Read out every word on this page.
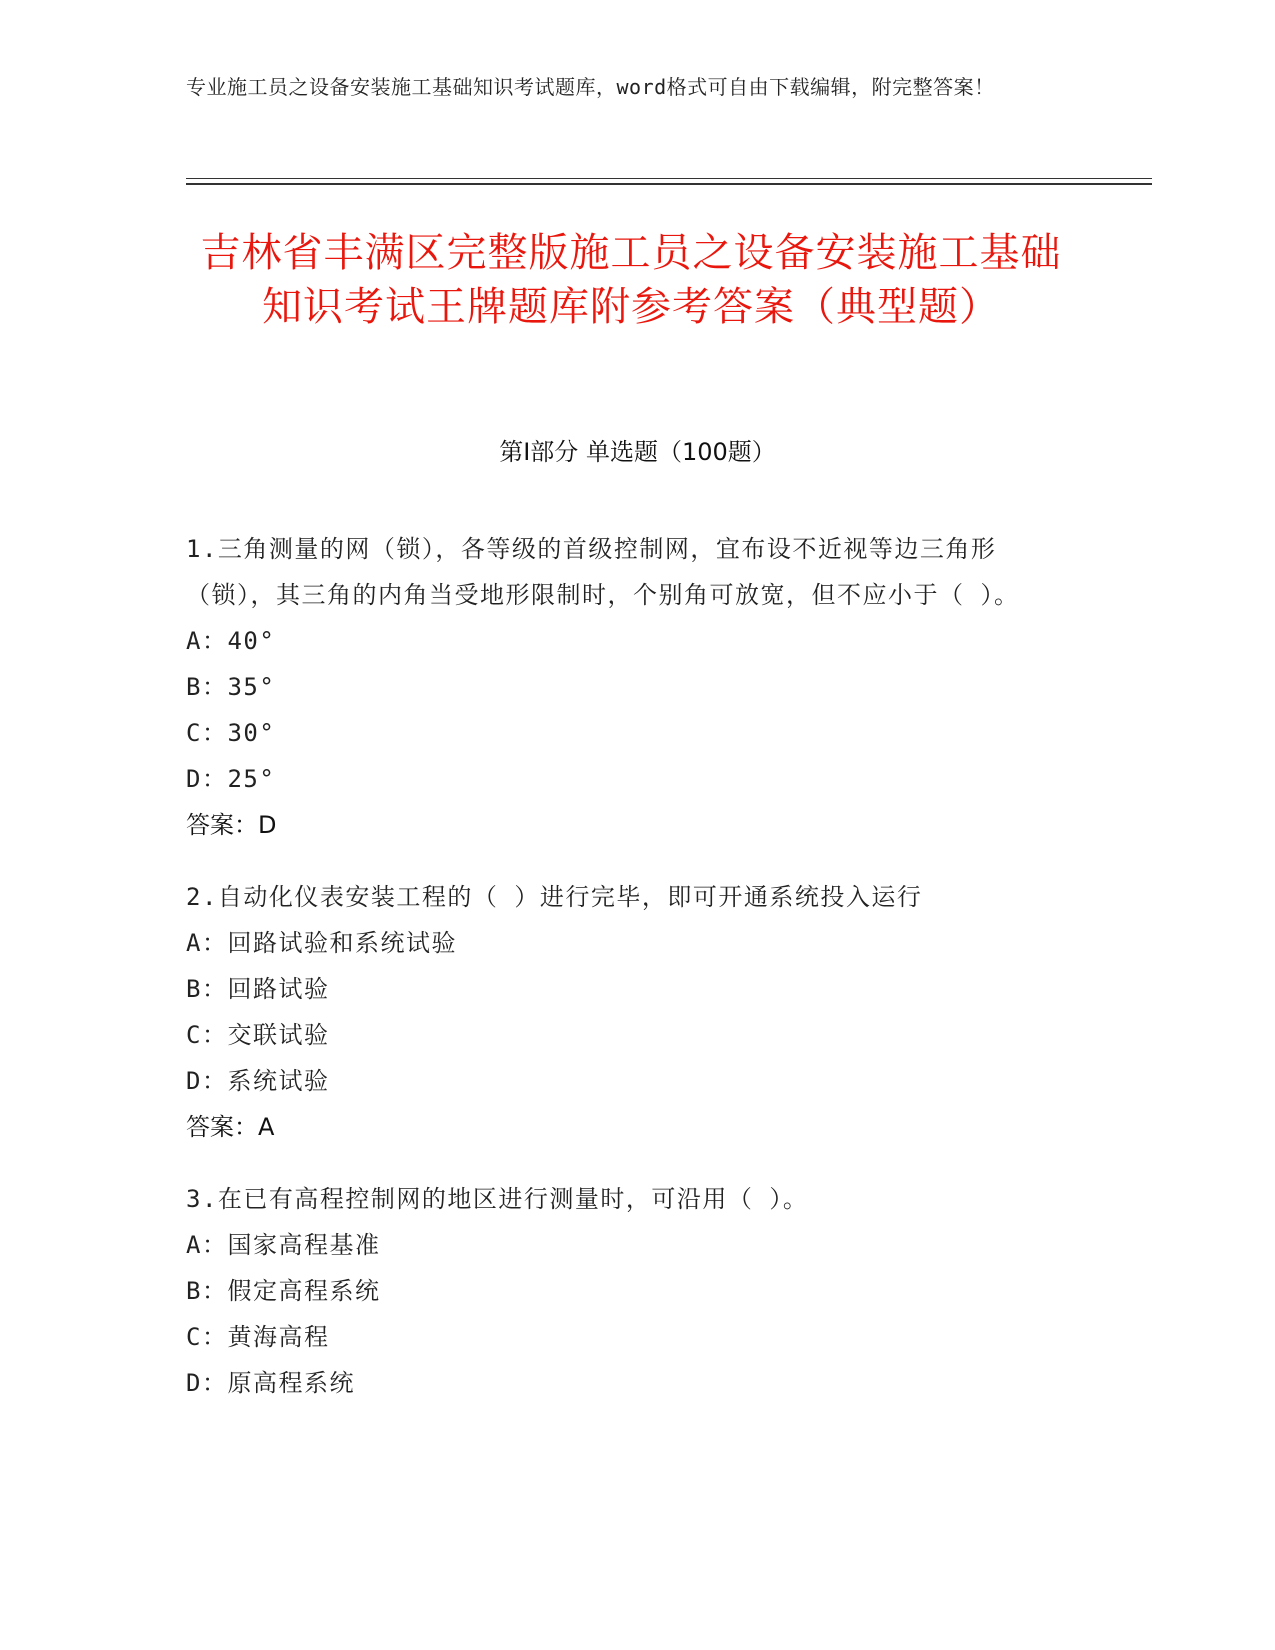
专业施工员之设备安装施工基础知识考试题库，word格式可自由下载编辑，附完整答案！
吉林省丰满区完整版施工员之设备安装施工基础知识考试王牌题库附参考答案（典型题）
第I部分 单选题（100题）
1.三角测量的网（锁），各等级的首级控制网，宜布设不近视等边三角形（锁），其三角的内角当受地形限制时，个别角可放宽，但不应小于（ ）。
A：40°
B：35°
C：30°
D：25°
答案：D
2.自动化仪表安装工程的（ ）进行完毕，即可开通系统投入运行
A：回路试验和系统试验
B：回路试验
C：交联试验
D：系统试验
答案：A
3.在已有高程控制网的地区进行测量时，可沿用（ ）。
A：国家高程基准
B：假定高程系统
C：黄海高程
D：原高程系统
